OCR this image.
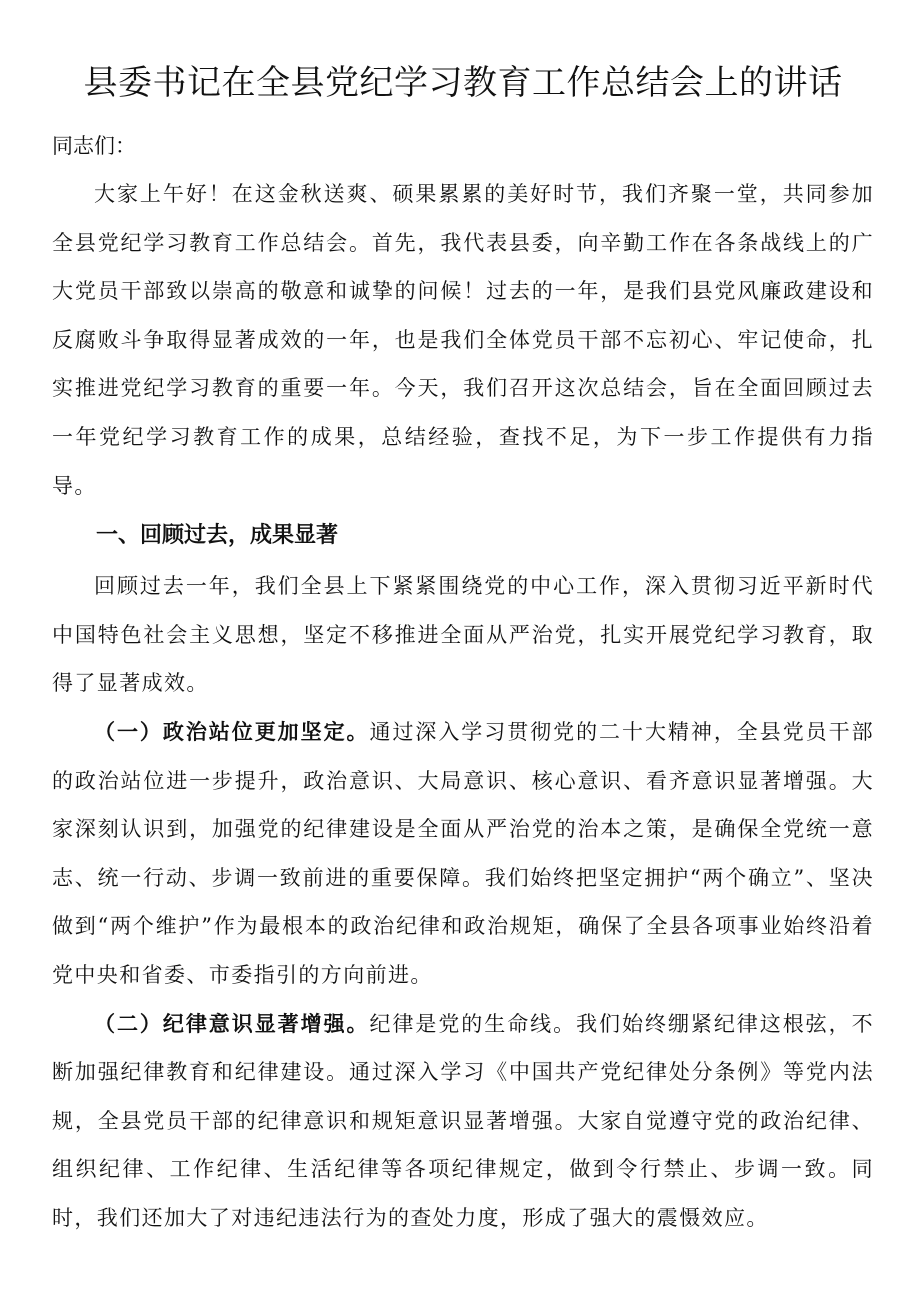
县委书记在全县党纪学习教育工作总结会上的讲话

同志们：

大家上午好！在这金秋送爽、硕果累累的美好时节，我们齐聚一堂，共同参加全县党纪学习教育工作总结会。首先，我代表县委，向辛勤工作在各条战线上的广大党员干部致以崇高的敬意和诚挚的问候！过去的一年，是我们县党风廉政建设和反腐败斗争取得显著成效的一年，也是我们全体党员干部不忘初心、牢记使命，扎实推进党纪学习教育的重要一年。今天，我们召开这次总结会，旨在全面回顾过去一年党纪学习教育工作的成果，总结经验，查找不足，为下一步工作提供有力指导。

一、回顾过去，成果显著

回顾过去一年，我们全县上下紧紧围绕党的中心工作，深入贯彻习近平新时代中国特色社会主义思想，坚定不移推进全面从严治党，扎实开展党纪学习教育，取得了显著成效。

（一）政治站位更加坚定。通过深入学习贯彻党的二十大精神，全县党员干部的政治站位进一步提升，政治意识、大局意识、核心意识、看齐意识显著增强。大家深刻认识到，加强党的纪律建设是全面从严治党的治本之策，是确保全党统一意志、统一行动、步调一致前进的重要保障。我们始终把坚定拥护“两个确立”、坚决做到“两个维护”作为最根本的政治纪律和政治规矩，确保了全县各项事业始终沿着党中央和省委、市委指引的方向前进。

（二）纪律意识显著增强。纪律是党的生命线。我们始终绷紧纪律这根弦，不断加强纪律教育和纪律建设。通过深入学习《中国共产党纪律处分条例》等党内法规，全县党员干部的纪律意识和规矩意识显著增强。大家自觉遵守党的政治纪律、组织纪律、工作纪律、生活纪律等各项纪律规定，做到令行禁止、步调一致。同时，我们还加大了对违纪违法行为的查处力度，形成了强大的震慑效应。
